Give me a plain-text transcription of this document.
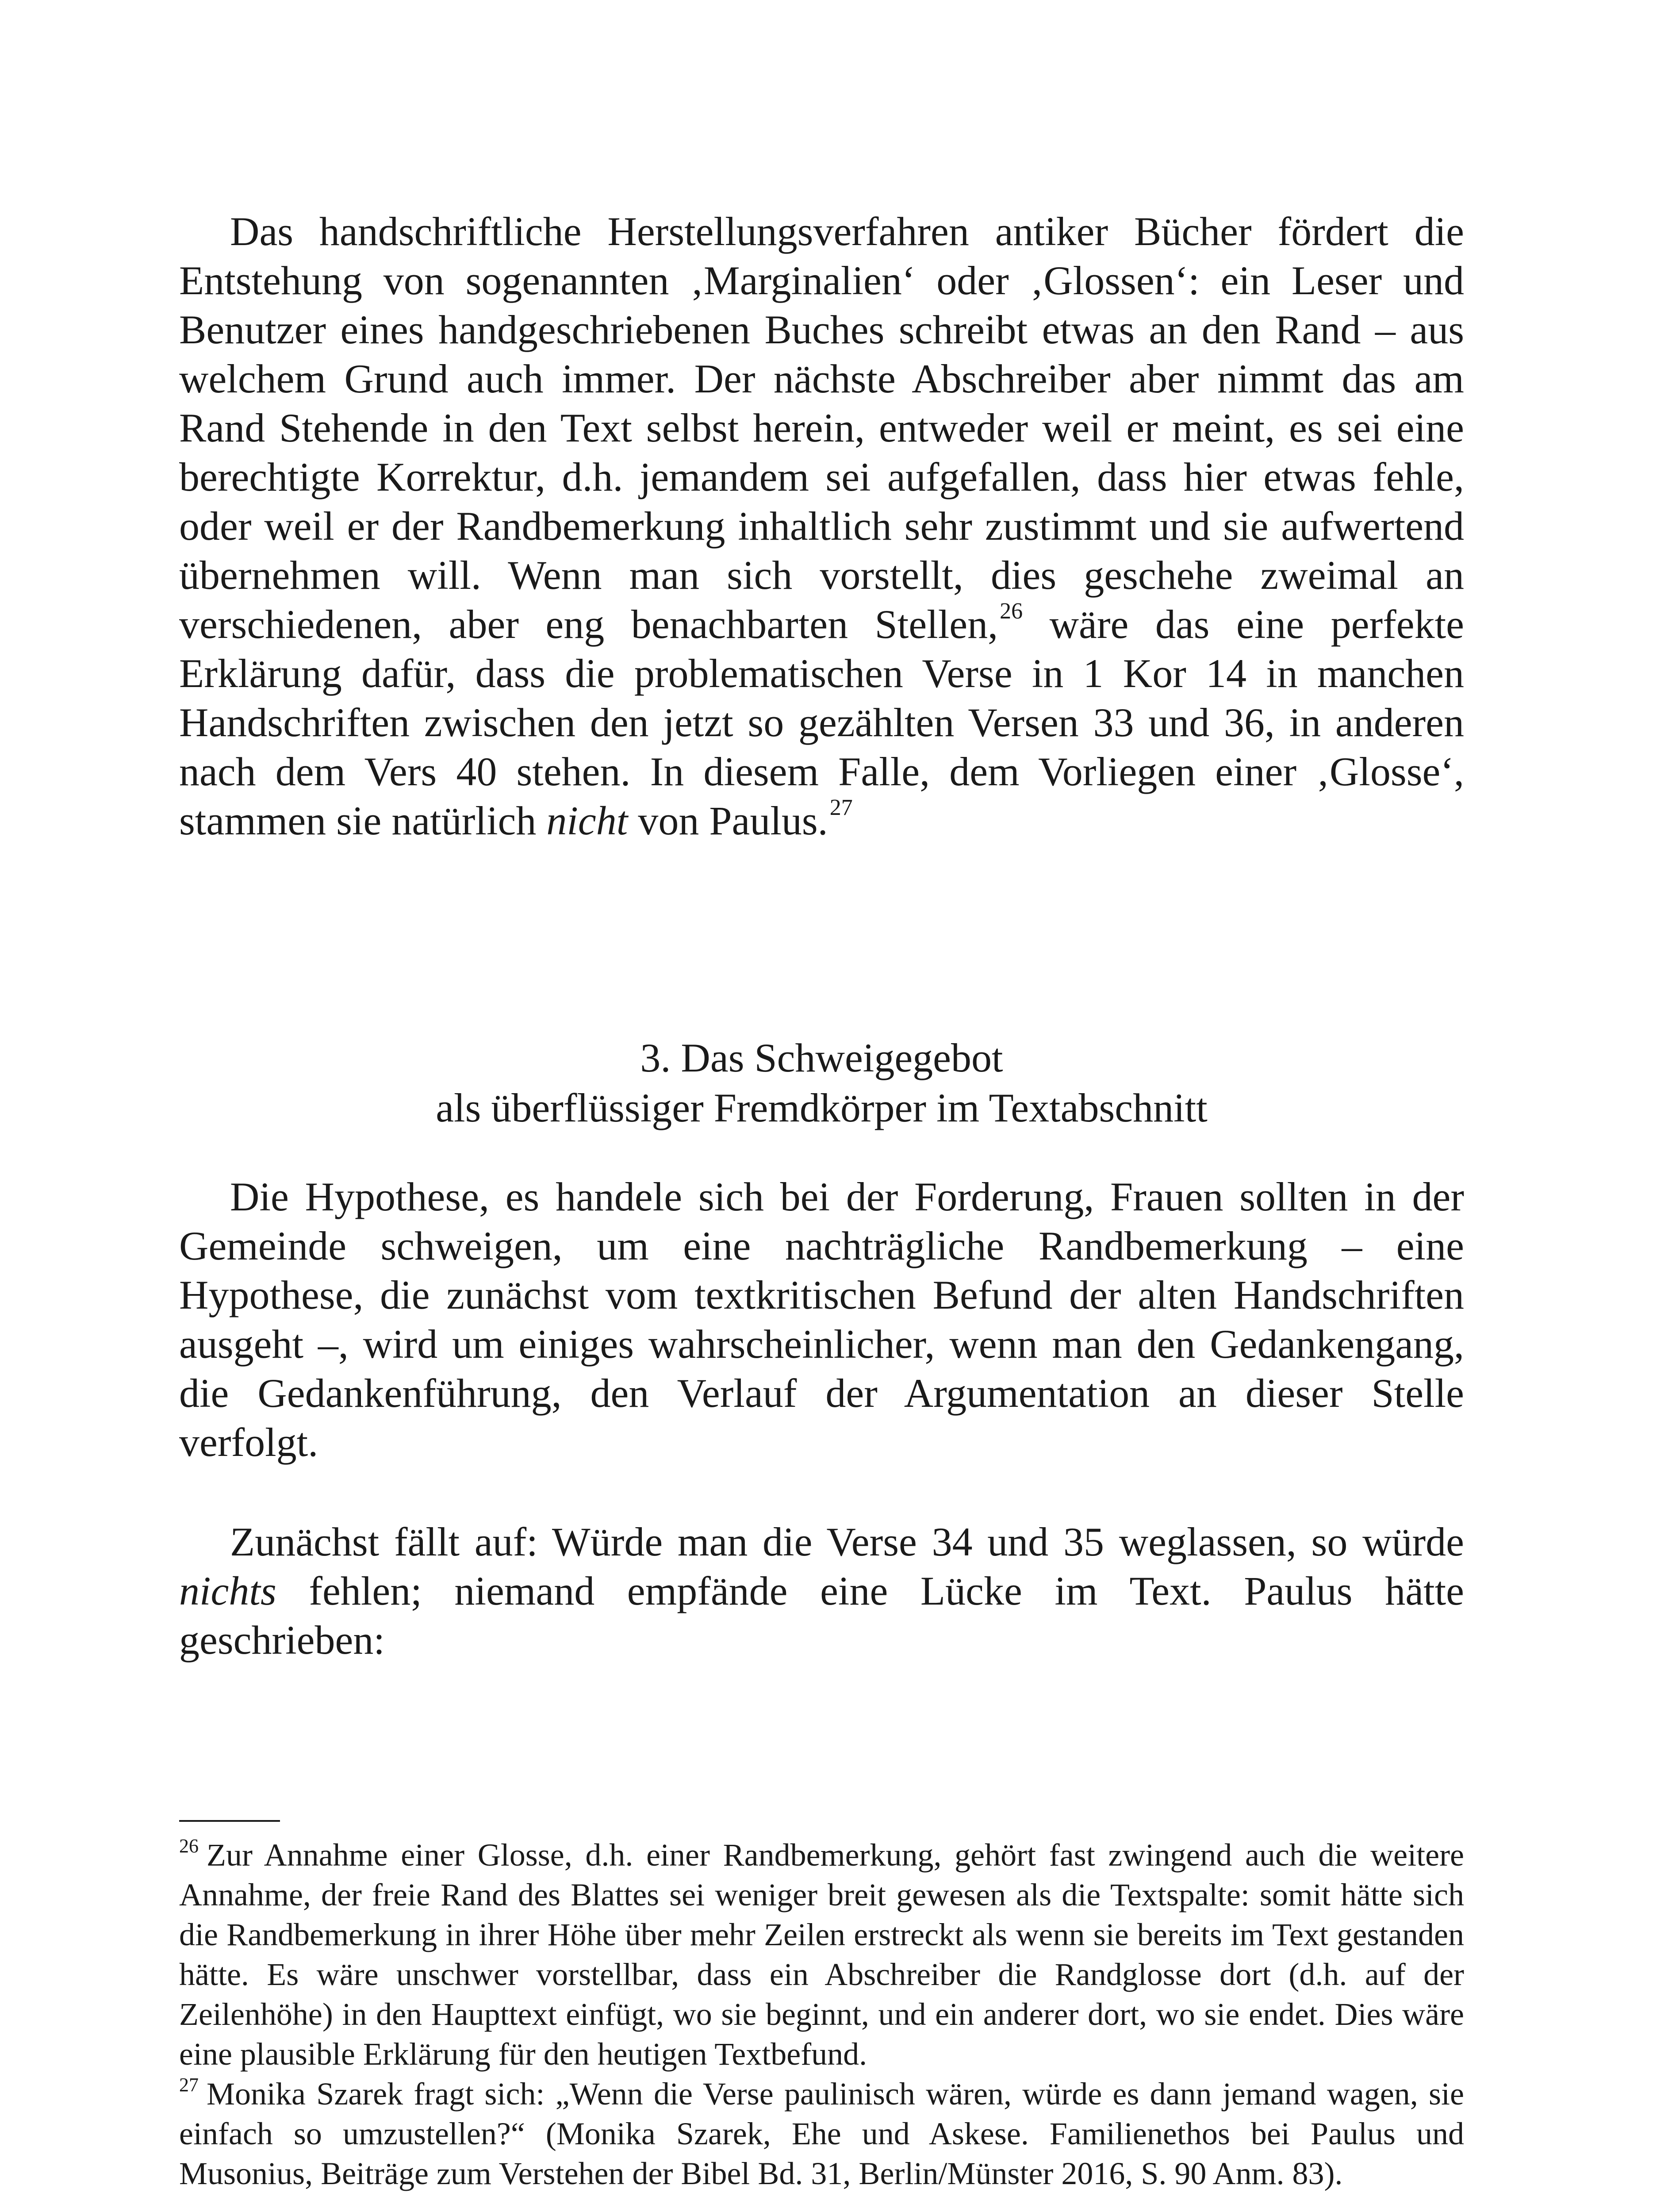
Das handschriftliche Herstellungsverfahren antiker Bücher fördert die Entstehung von sogenannten ‚Marginalien‘ oder ‚Glossen‘: ein Leser und Benutzer eines handgeschriebenen Buches schreibt etwas an den Rand – aus welchem Grund auch immer. Der nächste Abschreiber aber nimmt das am Rand Stehende in den Text selbst herein, entweder weil er meint, es sei eine berechtigte Korrektur, d.h. jemandem sei aufgefallen, dass hier etwas fehle, oder weil er der Randbemerkung inhaltlich sehr zustimmt und sie aufwertend übernehmen will. Wenn man sich vorstellt, dies geschehe zweimal an verschiedenen, aber eng benachbarten Stellen,$^{26}$ wäre das eine perfekte Erklärung dafür, dass die problematischen Verse in 1 Kor 14 in manchen Handschriften zwischen den jetzt so gezählten Versen 33 und 36, in anderen nach dem Vers 40 stehen. In diesem Falle, dem Vorliegen einer ‚Glosse‘, stammen sie natürlich nicht von Paulus.$^{27}$

3. Das Schweigegebot
als überflüssiger Fremdkörper im Textabschnitt

Die Hypothese, es handele sich bei der Forderung, Frauen sollten in der Gemeinde schweigen, um eine nachträgliche Randbemerkung – eine Hypothese, die zunächst vom textkritischen Befund der alten Handschriften ausgeht –, wird um einiges wahrscheinlicher, wenn man den Gedankengang, die Gedankenführung, den Verlauf der Argumentation an dieser Stelle verfolgt.

Zunächst fällt auf: Würde man die Verse 34 und 35 weglassen, so würde nichts fehlen; niemand empfände eine Lücke im Text. Paulus hätte geschrieben:

$^{26}$ Zur Annahme einer Glosse, d.h. einer Randbemerkung, gehört fast zwingend auch die weitere Annahme, der freie Rand des Blattes sei weniger breit gewesen als die Textspalte: somit hätte sich die Randbemerkung in ihrer Höhe über mehr Zeilen erstreckt als wenn sie bereits im Text gestanden hätte. Es wäre unschwer vorstellbar, dass ein Abschreiber die Randglosse dort (d.h. auf der Zeilenhöhe) in den Haupttext einfügt, wo sie beginnt, und ein anderer dort, wo sie endet. Dies wäre eine plausible Erklärung für den heutigen Textbefund.

$^{27}$ Monika Szarek fragt sich: „Wenn die Verse paulinisch wären, würde es dann jemand wagen, sie einfach so umzustellen?“ (Monika Szarek, Ehe und Askese. Familienethos bei Paulus und Musonius, Beiträge zum Verstehen der Bibel Bd. 31, Berlin/Münster 2016, S. 90 Anm. 83).
